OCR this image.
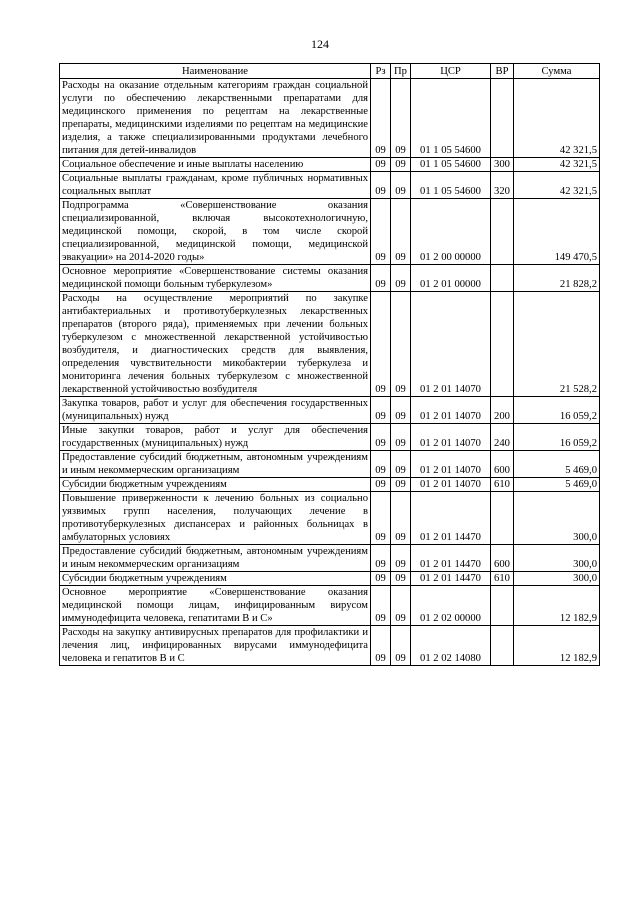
124
Наименование	Рз	Пр	ЦСР	ВР	Сумма
Расходы на оказание отдельным категориям граждан социальной услуги по обеспечению лекарственными препаратами для медицинского применения по рецептам на лекарственные препараты, медицинскими изделиями по рецептам на медицинские изделия, а также специализированными продуктами лечебного питания для детей-инвалидов	09	09	01 1 05 54600		42 321,5
Социальное обеспечение и иные выплаты населению	09	09	01 1 05 54600	300	42 321,5
Социальные выплаты гражданам, кроме публичных нормативных социальных выплат	09	09	01 1 05 54600	320	42 321,5
Подпрограмма «Совершенствование оказания специализированной, включая высокотехнологичную, медицинской помощи, скорой, в том числе скорой специализированной, медицинской помощи, медицинской эвакуации» на 2014-2020 годы»	09	09	01 2 00 00000		149 470,5
Основное мероприятие «Совершенствование системы оказания медицинской помощи больным туберкулезом»	09	09	01 2 01 00000		21 828,2
Расходы на осуществление мероприятий по закупке антибактериальных и противотуберкулезных лекарственных препаратов (второго ряда), применяемых при лечении больных туберкулезом с множественной лекарственной устойчивостью возбудителя, и диагностических средств для выявления, определения чувствительности микобактерии туберкулеза и мониторинга лечения больных туберкулезом с множественной лекарственной устойчивостью возбудителя	09	09	01 2 01 14070		21 528,2
Закупка товаров, работ и услуг для обеспечения государственных (муниципальных) нужд	09	09	01 2 01 14070	200	16 059,2
Иные закупки товаров, работ и услуг для обеспечения государственных (муниципальных) нужд	09	09	01 2 01 14070	240	16 059,2
Предоставление субсидий бюджетным, автономным учреждениям и иным некоммерческим организациям	09	09	01 2 01 14070	600	5 469,0
Субсидии бюджетным учреждениям	09	09	01 2 01 14070	610	5 469,0
Повышение приверженности к лечению больных из социально уязвимых групп населения, получающих лечение в противотуберкулезных диспансерах и районных больницах в амбулаторных условиях	09	09	01 2 01 14470		300,0
Предоставление субсидий бюджетным, автономным учреждениям и иным некоммерческим организациям	09	09	01 2 01 14470	600	300,0
Субсидии бюджетным учреждениям	09	09	01 2 01 14470	610	300,0
Основное мероприятие «Совершенствование оказания медицинской помощи лицам, инфицированным вирусом иммунодефицита человека, гепатитами В и С»	09	09	01 2 02 00000		12 182,9
Расходы на закупку антивирусных препаратов для профилактики и лечения лиц, инфицированных вирусами иммунодефицита человека и гепатитов В и С	09	09	01 2 02 14080		12 182,9
